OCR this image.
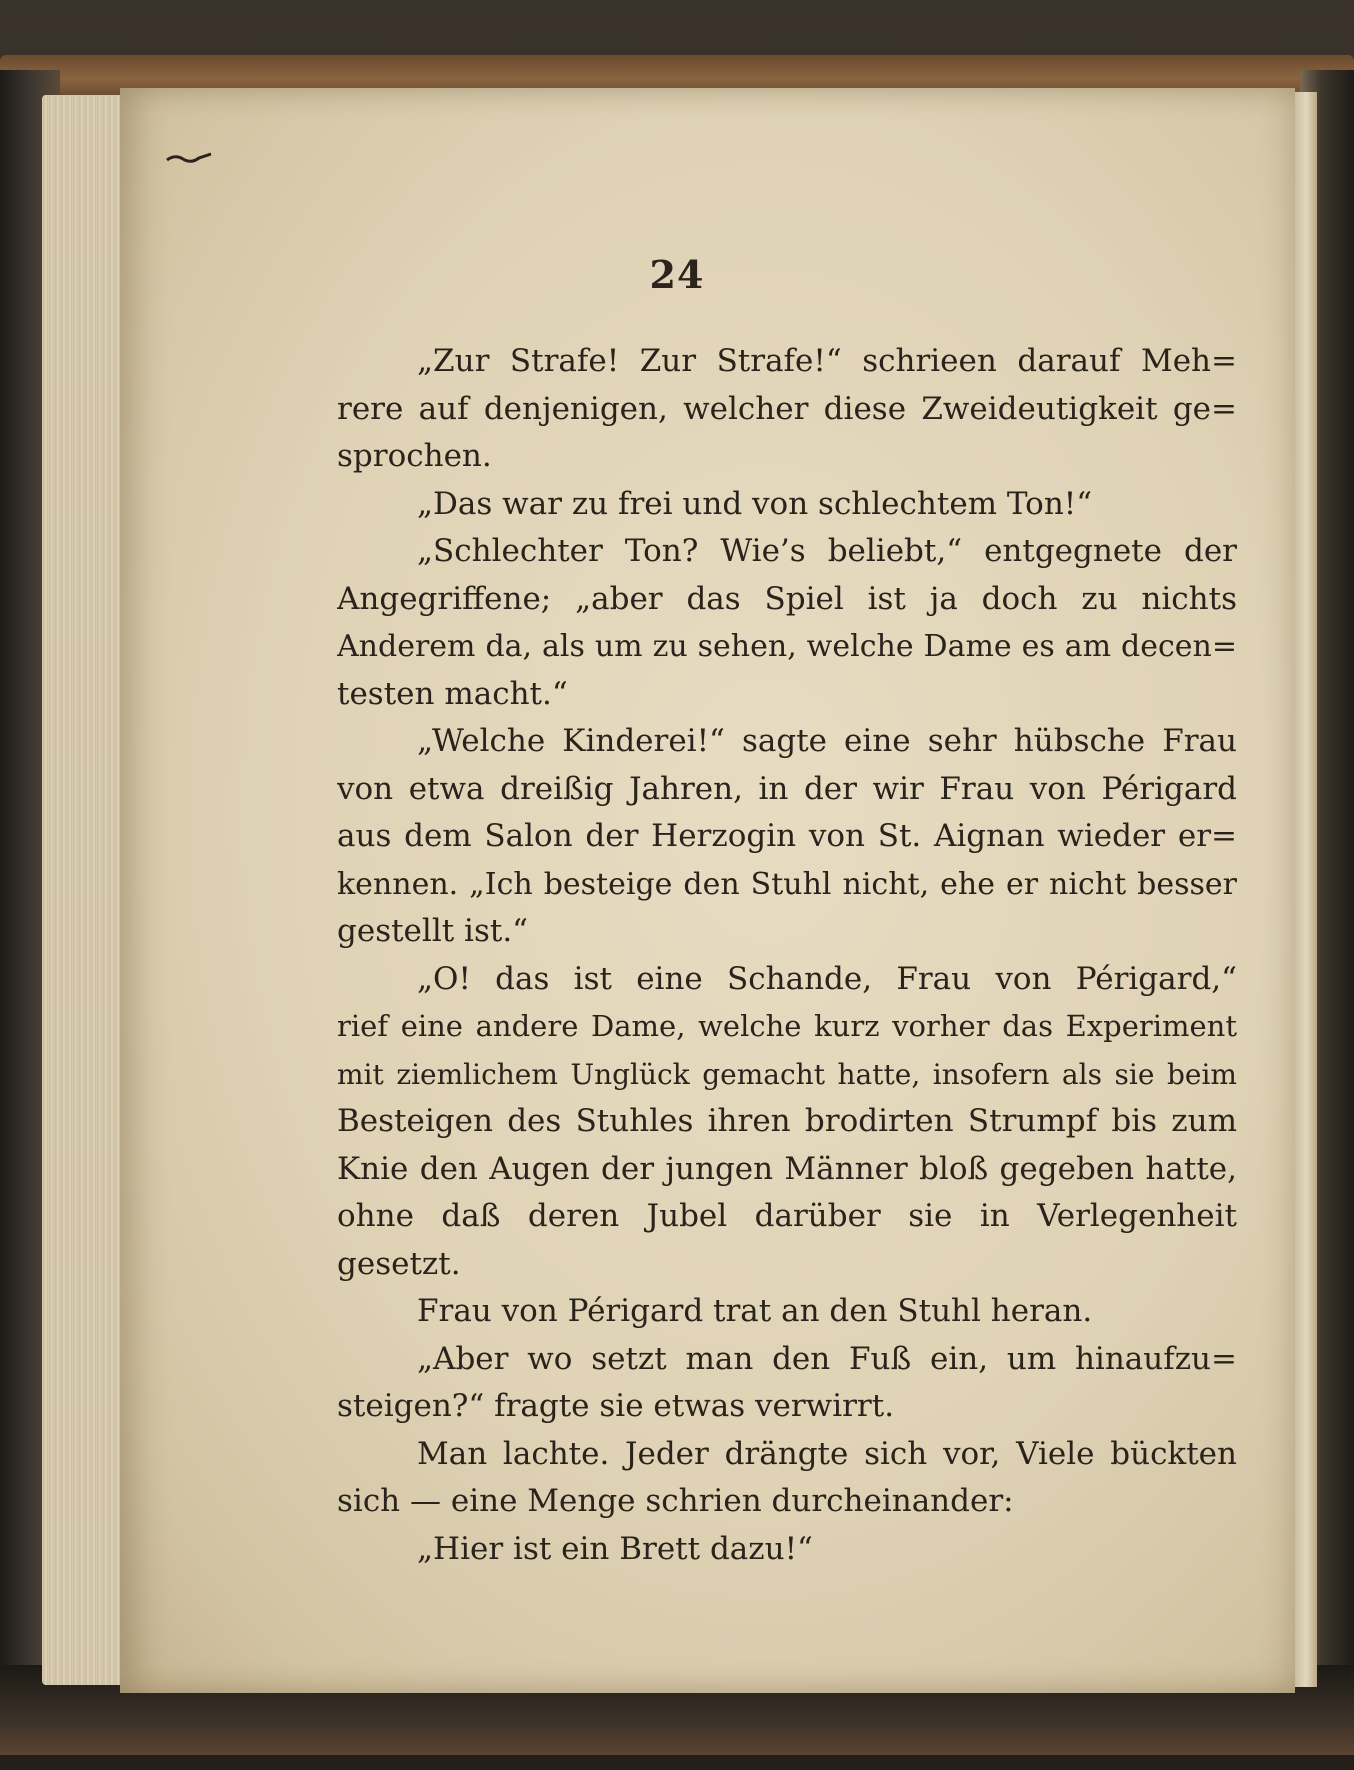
24
„Zur Strafe! Zur Strafe!“ schrieen darauf Meh=
rere auf denjenigen, welcher diese Zweideutigkeit ge=
sprochen.
„Das war zu frei und von schlechtem Ton!“
„Schlechter Ton? Wie’s beliebt,“ entgegnete der
Angegriffene; „aber das Spiel ist ja doch zu nichts
Anderem da, als um zu sehen, welche Dame es am decen=
testen macht.“
„Welche Kinderei!“ sagte eine sehr hübsche Frau
von etwa dreißig Jahren, in der wir Frau von Périgard
aus dem Salon der Herzogin von St. Aignan wieder er=
kennen. „Ich besteige den Stuhl nicht, ehe er nicht besser
gestellt ist.“
„O! das ist eine Schande, Frau von Périgard,“
rief eine andere Dame, welche kurz vorher das Experiment
mit ziemlichem Unglück gemacht hatte, insofern als sie beim
Besteigen des Stuhles ihren brodirten Strumpf bis zum
Knie den Augen der jungen Männer bloß gegeben hatte,
ohne daß deren Jubel darüber sie in Verlegenheit
gesetzt.
Frau von Périgard trat an den Stuhl heran.
„Aber wo setzt man den Fuß ein, um hinaufzu=
steigen?“ fragte sie etwas verwirrt.
Man lachte. Jeder drängte sich vor, Viele bückten
sich — eine Menge schrien durcheinander:
„Hier ist ein Brett dazu!“
